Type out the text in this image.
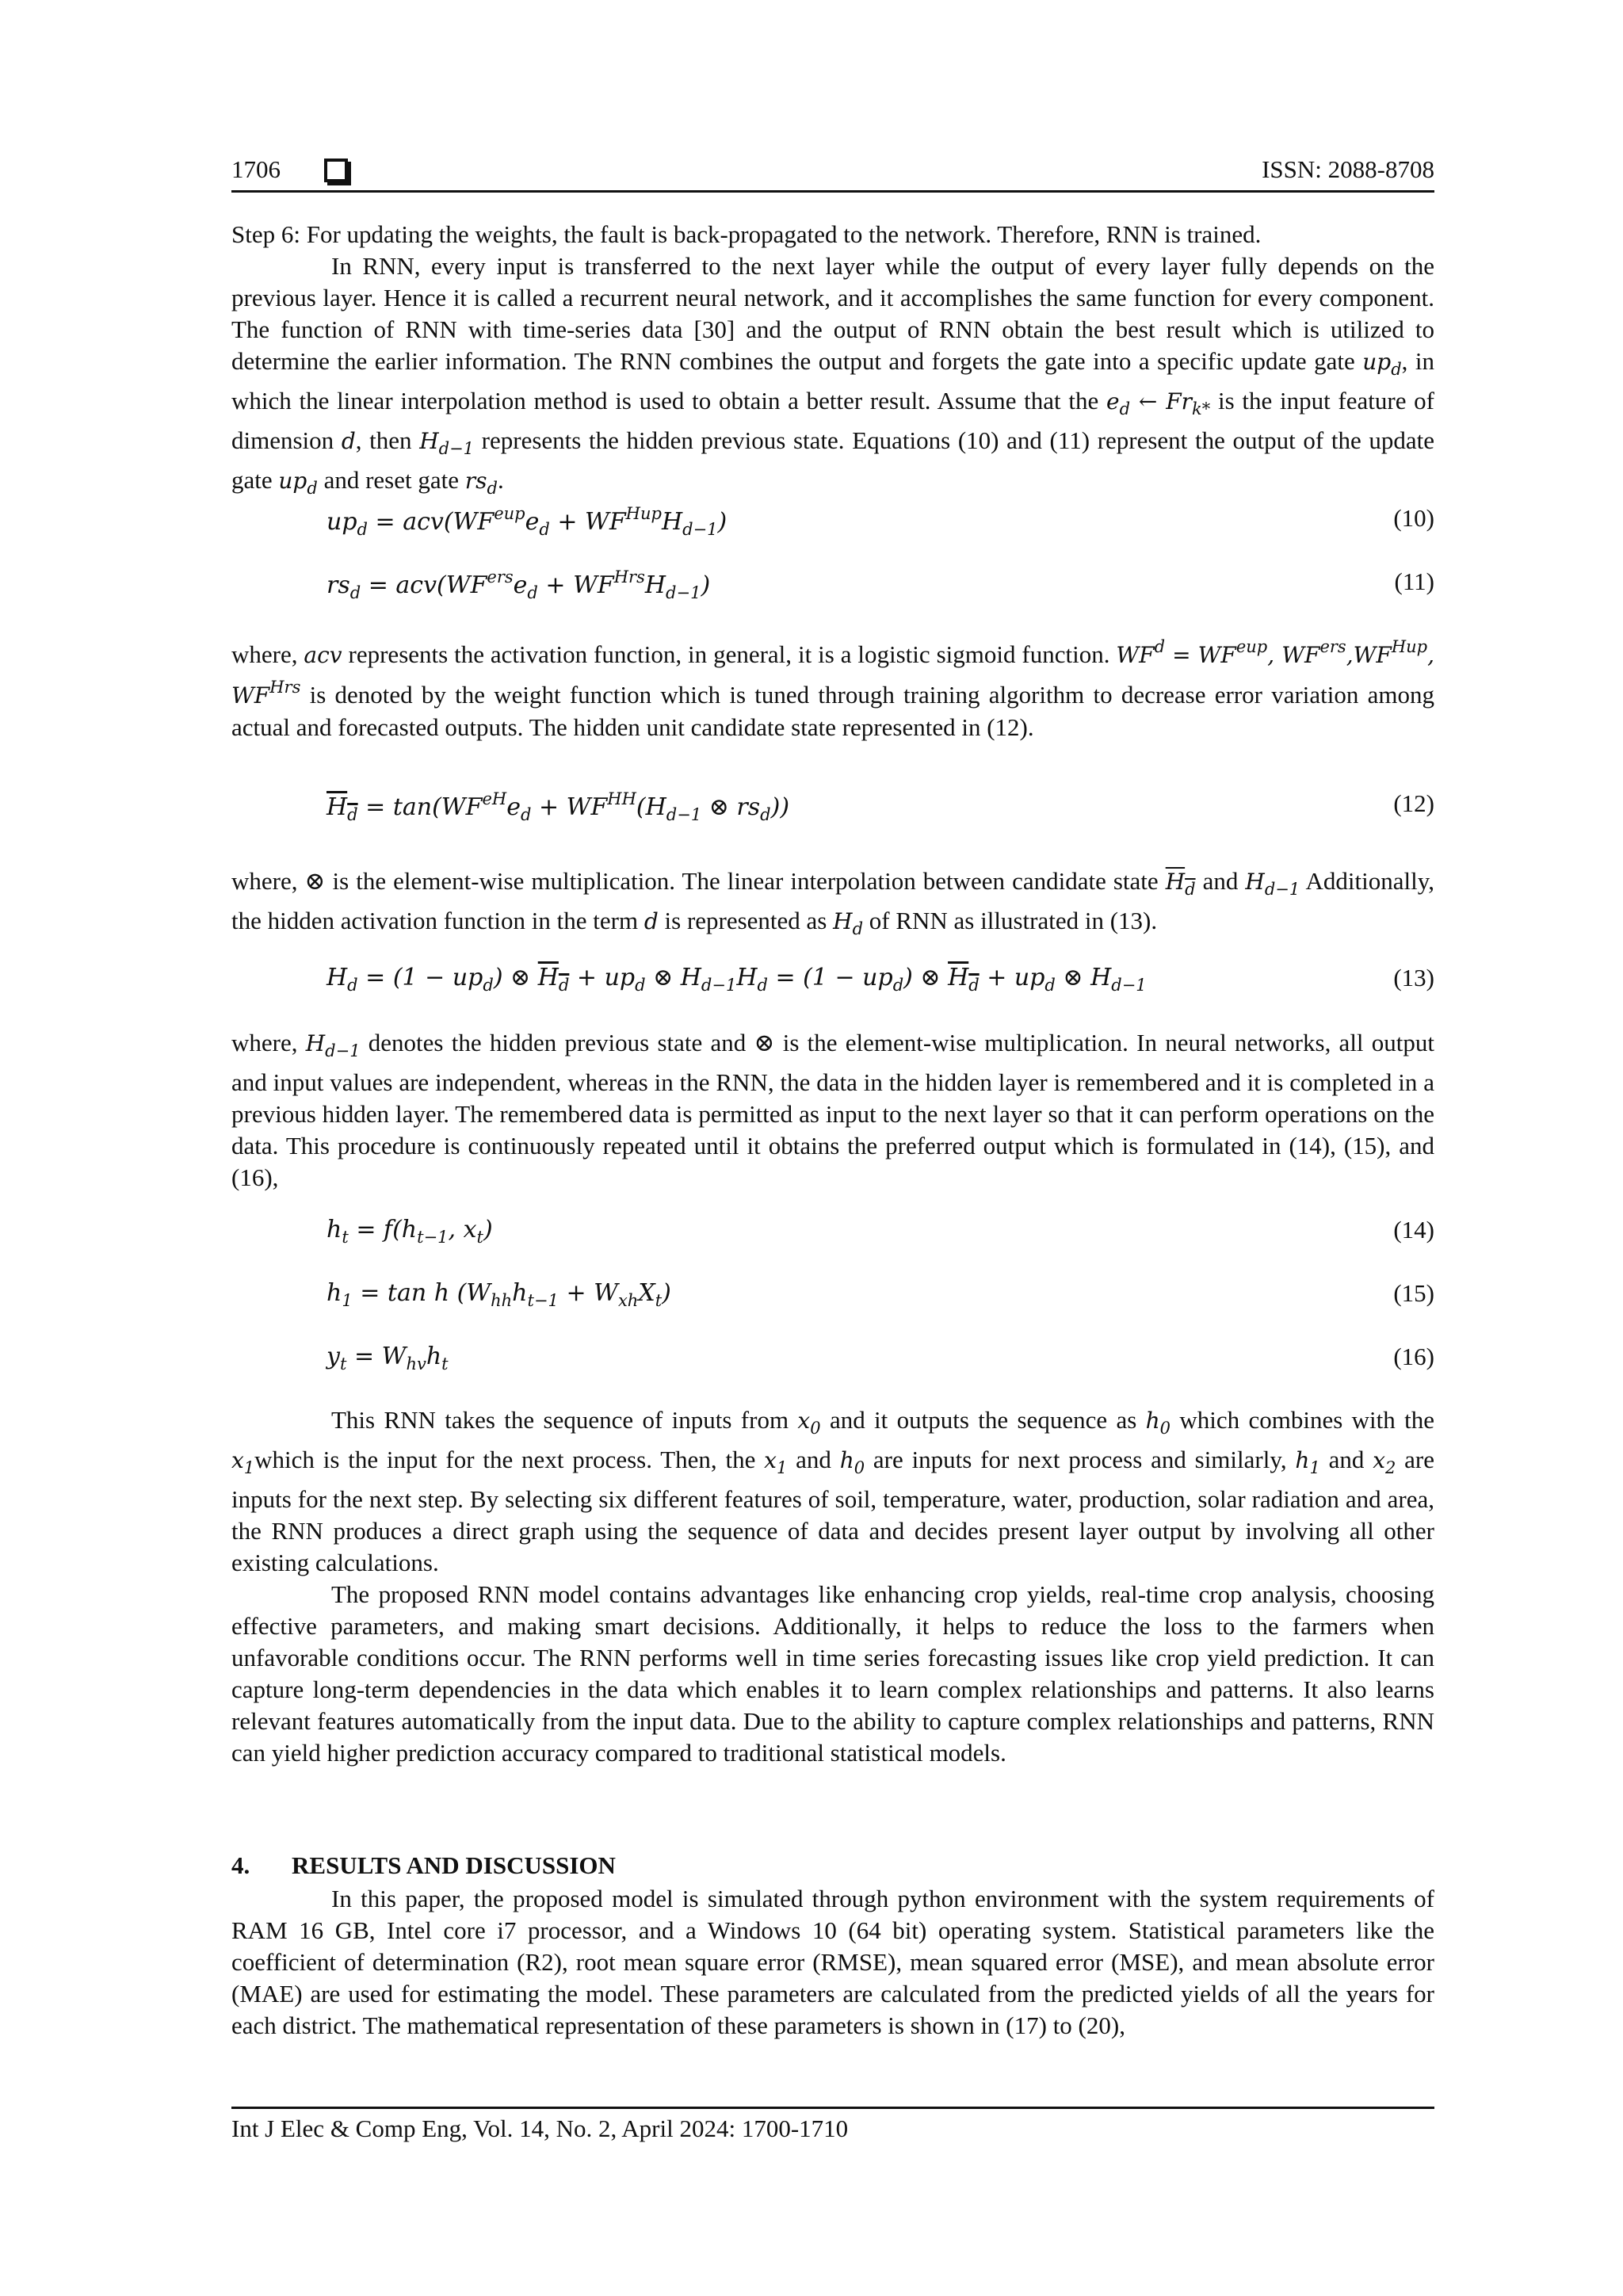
1706	ISSN: 2088-8708

Step 6: For updating the weights, the fault is back-propagated to the network. Therefore, RNN is trained.

In RNN, every input is transferred to the next layer while the output of every layer fully depends on the previous layer. Hence it is called a recurrent neural network, and it accomplishes the same function for every component. The function of RNN with time-series data [30] and the output of RNN obtain the best result which is utilized to determine the earlier information. The RNN combines the output and forgets the gate into a specific update gate $up_d$, in which the linear interpolation method is used to obtain a better result. Assume that the $e_d$ ← $Fr_{k*}$ is the input feature of dimension d, then $H_{d-1}$ represents the hidden previous state. Equations (10) and (11) represent the output of the update gate $up_d$ and reset gate $rs_d$.

$up_d = acv(WF^{eup}e_d + WF^{Hup}H_{d-1})$	(10)
$rs_d = acv(WF^{ers}e_d + WF^{Hrs}H_{d-1})$	(11)

where, acv represents the activation function, in general, it is a logistic sigmoid function. $WF^d = WF^{eup}$, $WF^{ers},WF^{Hup}$, $WF^{Hrs}$ is denoted by the weight function which is tuned through training algorithm to decrease error variation among actual and forecasted outputs. The hidden unit candidate state represented in (12).

$H_d = \tan(WF^{eH}e_d + WF^{HH}(H_{d-1}$ ⊗ $rs_d$))	(12)

where, ⊗ is the element-wise multiplication. The linear interpolation between candidate state $H_d$ and $H_{d-1}$ Additionally, the hidden activation function in the term d is represented as $H_d$ of RNN as illustrated in (13).

$H_d = (1 - up_d)$ ⊗ $H_d + up_d$ ⊗ $H_{d-1}H_d = (1 - up_d)$ ⊗ $H_d + up_d$ ⊗ $H_{d-1}$	(13)

where, $H_{d-1}$ denotes the hidden previous state and ⊗ is the element-wise multiplication. In neural networks, all output and input values are independent, whereas in the RNN, the data in the hidden layer is remembered and it is completed in a previous hidden layer. The remembered data is permitted as input to the next layer so that it can perform operations on the data. This procedure is continuously repeated until it obtains the preferred output which is formulated in (14), (15), and (16),

$h_t = f(h_{t-1}$, $x_t$)	(14)
$h_1 = \tan h$ $(W_{hh}h_{t-1} + W_{xh}X_t)$	(15)
$y_t = W_{hv}h_t$	(16)

This RNN takes the sequence of inputs from $x_0$ and it outputs the sequence as $h_0$ which combines with the $x_1which$ is the input for the next process. Then, the $x_1$ and $h_0$ are inputs for next process and similarly, $h_1$ and $x_2$ are inputs for the next step. By selecting six different features of soil, temperature, water, production, solar radiation and area, the RNN produces a direct graph using the sequence of data and decides present layer output by involving all other existing calculations.

The proposed RNN model contains advantages like enhancing crop yields, real-time crop analysis, choosing effective parameters, and making smart decisions. Additionally, it helps to reduce the loss to the farmers when unfavorable conditions occur. The RNN performs well in time series forecasting issues like crop yield prediction. It can capture long-term dependencies in the data which enables it to learn complex relationships and patterns. It also learns relevant features automatically from the input data. Due to the ability to capture complex relationships and patterns, RNN can yield higher prediction accuracy compared to traditional statistical models.

4. RESULTS AND DISCUSSION

In this paper, the proposed model is simulated through python environment with the system requirements of RAM 16 GB, Intel core i7 processor, and a Windows 10 (64 bit) operating system. Statistical parameters like the coefficient of determination (R2), root mean square error (RMSE), mean squared error (MSE), and mean absolute error (MAE) are used for estimating the model. These parameters are calculated from the predicted yields of all the years for each district. The mathematical representation of these parameters is shown in (17) to (20),

Int J Elec & Comp Eng, Vol. 14, No. 2, April 2024: 1700-1710
